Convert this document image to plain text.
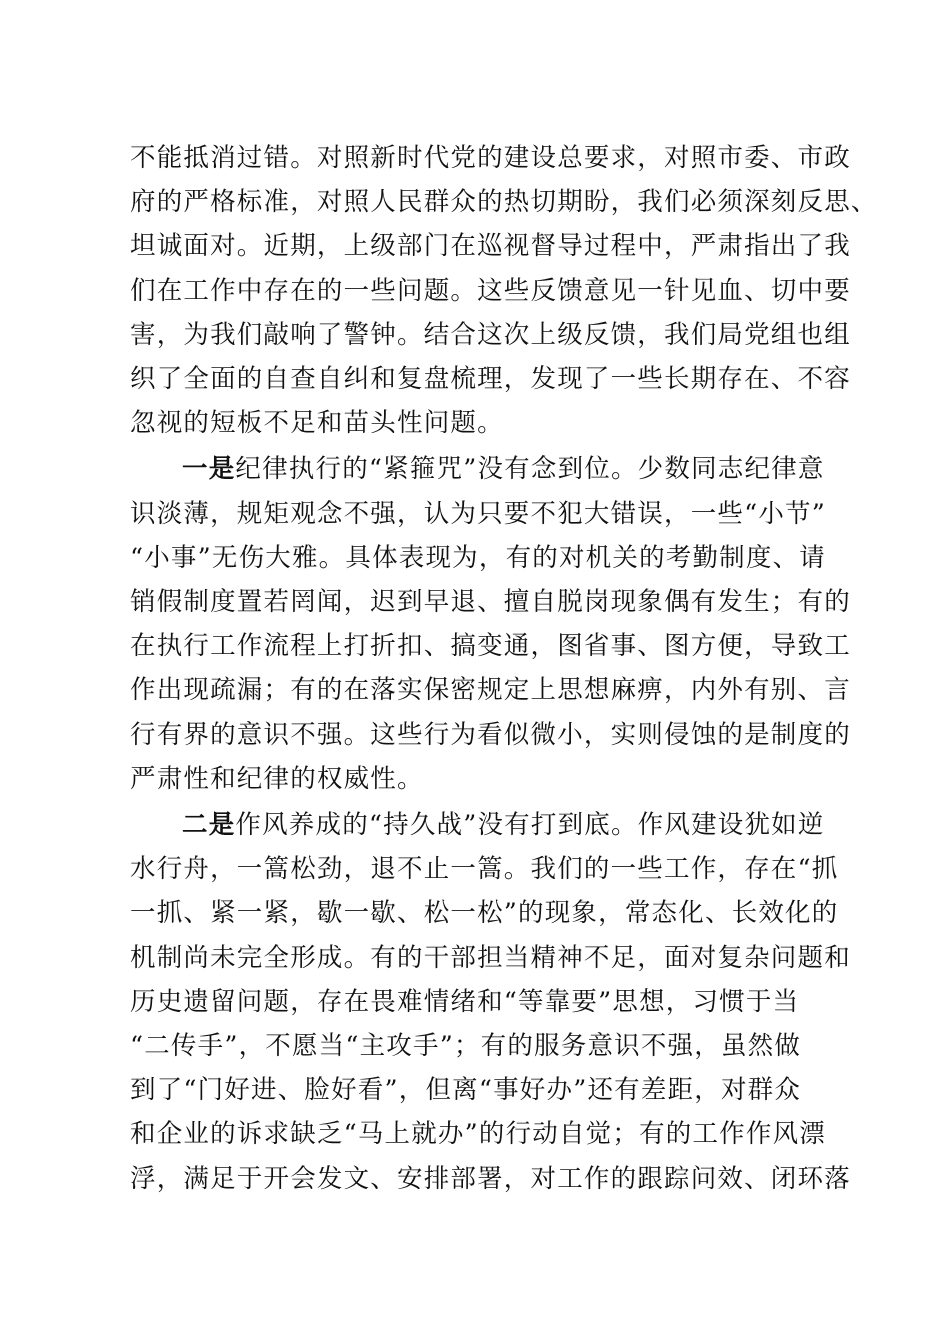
不能抵消过错。对照新时代党的建设总要求，对照市委、市政
府的严格标准，对照人民群众的热切期盼，我们必须深刻反思、
坦诚面对。近期，上级部门在巡视督导过程中，严肃指出了我
们在工作中存在的一些问题。这些反馈意见一针见血、切中要
害，为我们敲响了警钟。结合这次上级反馈，我们局党组也组
织了全面的自查自纠和复盘梳理，发现了一些长期存在、不容
忽视的短板不足和苗头性问题。
一是纪律执行的“紧箍咒”没有念到位。少数同志纪律意
识淡薄，规矩观念不强，认为只要不犯大错误，一些“小节”
“小事”无伤大雅。具体表现为，有的对机关的考勤制度、请
销假制度置若罔闻，迟到早退、擅自脱岗现象偶有发生；有的
在执行工作流程上打折扣、搞变通，图省事、图方便，导致工
作出现疏漏；有的在落实保密规定上思想麻痹，内外有别、言
行有界的意识不强。这些行为看似微小，实则侵蚀的是制度的
严肃性和纪律的权威性。
二是作风养成的“持久战”没有打到底。作风建设犹如逆
水行舟，一篙松劲，退不止一篙。我们的一些工作，存在“抓
一抓、紧一紧，歇一歇、松一松”的现象，常态化、长效化的
机制尚未完全形成。有的干部担当精神不足，面对复杂问题和
历史遗留问题，存在畏难情绪和“等靠要”思想，习惯于当
“二传手”，不愿当“主攻手”；有的服务意识不强，虽然做
到了“门好进、脸好看”，但离“事好办”还有差距，对群众
和企业的诉求缺乏“马上就办”的行动自觉；有的工作作风漂
浮，满足于开会发文、安排部署，对工作的跟踪问效、闭环落
